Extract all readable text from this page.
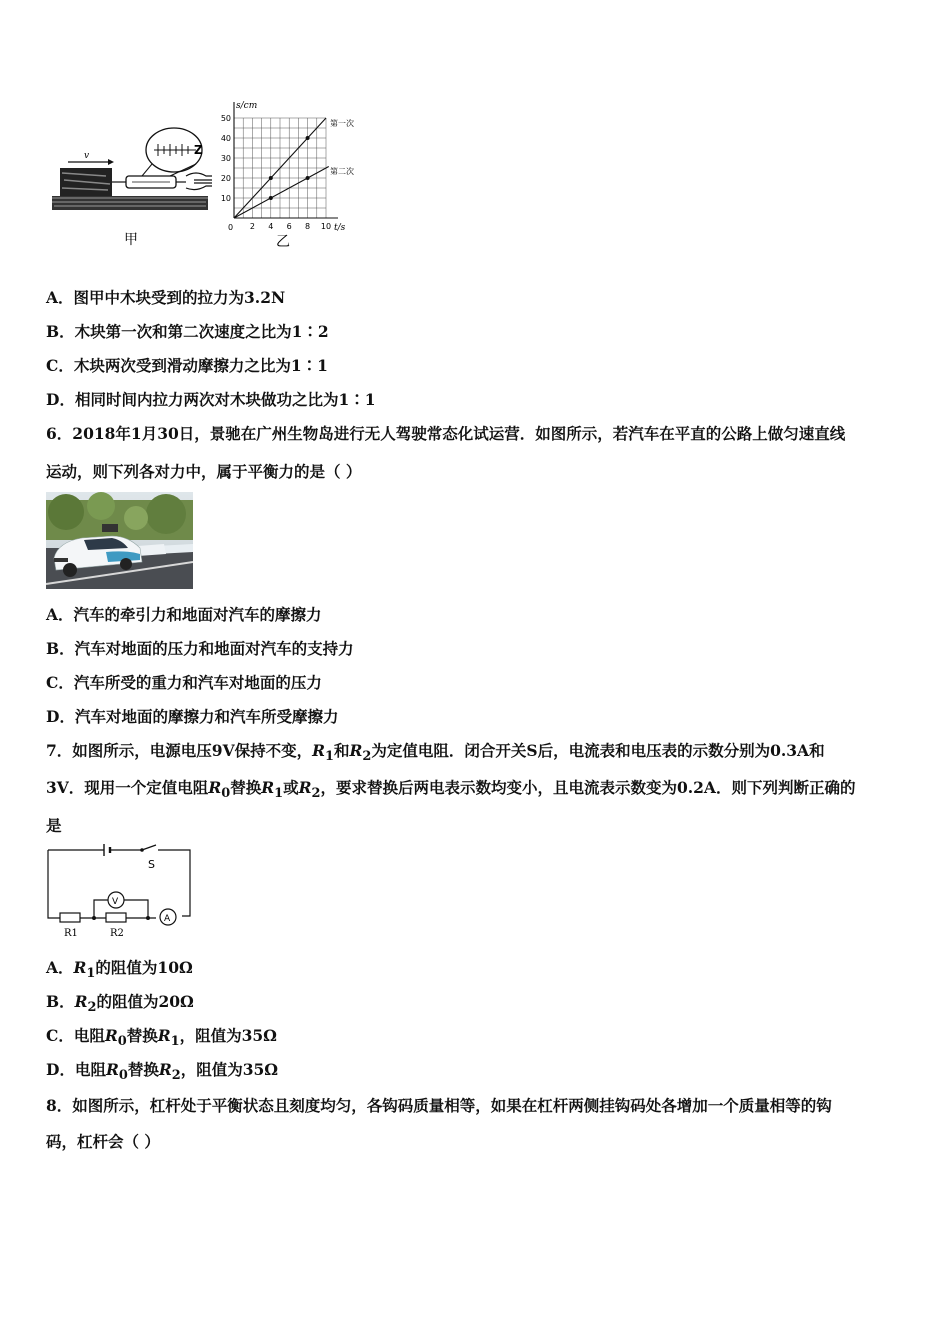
v	Z
甲
s/cm
t/s
0
10
20
30
40
50
2 4 6 8 10
第一次
第二次
乙
A．图甲中木块受到的拉力为3.2N
B．木块第一次和第二次速度之比为1∶2
C．木块两次受到滑动摩擦力之比为1∶1
D．相同时间内拉力两次对木块做功之比为1∶1
6．2018年1月30日，景驰在广州生物岛进行无人驾驶常态化试运营．如图所示，若汽车在平直的公路上做匀速直线
运动，则下列各对力中，属于平衡力的是（ ）
A．汽车的牵引力和地面对汽车的摩擦力
B．汽车对地面的压力和地面对汽车的支持力
C．汽车所受的重力和汽车对地面的压力
D．汽车对地面的摩擦力和汽车所受摩擦力
7．如图所示，电源电压9V保持不变，$R_1$和$R_2$为定值电阻．闭合开关S后，电流表和电压表的示数分别为0.3A和
3V．现用一个定值电阻$R_0$替换$R_1$或$R_2$，要求替换后两电表示数均变小，且电流表示数变为0.2A．则下列判断正确的
是
S
V
A
R1	R2
A．$R_1$的阻值为10Ω
B．$R_2$的阻值为20Ω
C．电阻$R_0$替换$R_1$，阻值为35Ω
D．电阻$R_0$替换$R_2$，阻值为35Ω
8．如图所示，杠杆处于平衡状态且刻度均匀，各钩码质量相等，如果在杠杆两侧挂钩码处各增加一个质量相等的钩
码，杠杆会（ ）
